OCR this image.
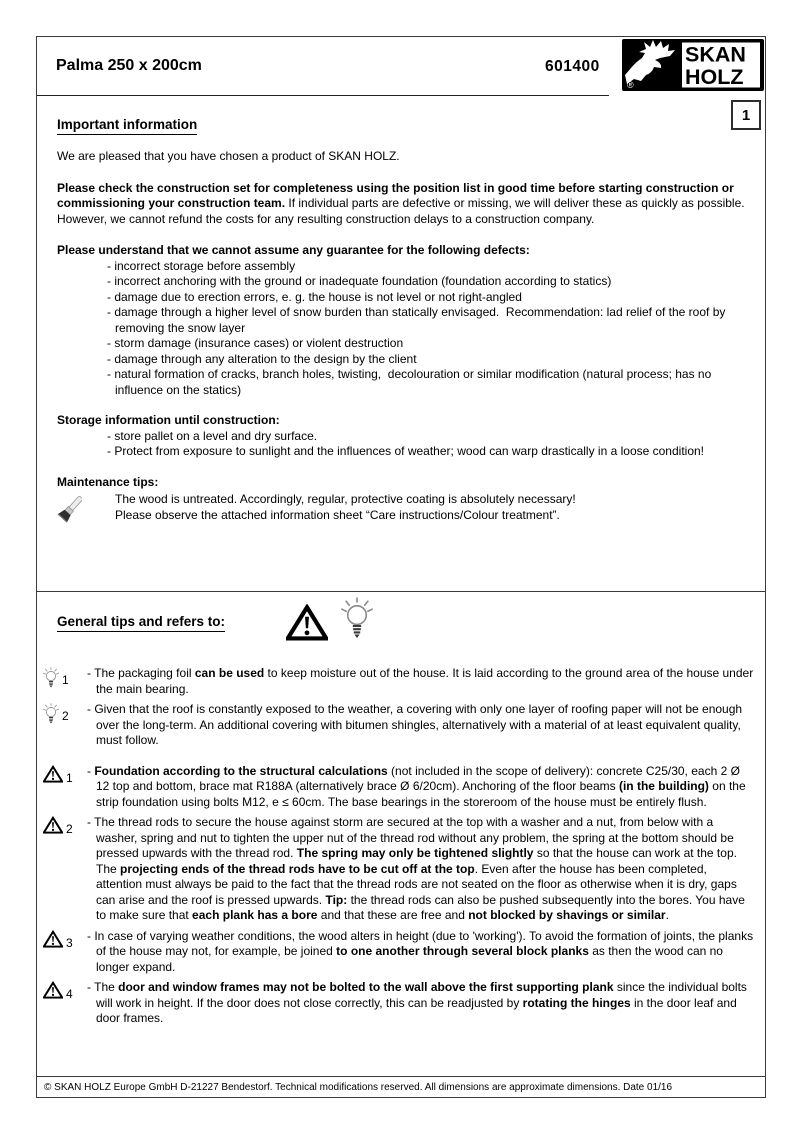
Palma 250 x 200cm	601400
®
SKAN
HOLZ
1
Important information
We are pleased that you have chosen a product of SKAN HOLZ.
Please check the construction set for completeness using the position list in good time before starting construction or commissioning your construction team. If individual parts are defective or missing, we will deliver these as quickly as possible. However, we cannot refund the costs for any resulting construction delays to a construction company.
Please understand that we cannot assume any guarantee for the following defects:
- incorrect storage before assembly
- incorrect anchoring with the ground or inadequate foundation (foundation according to statics)
- damage due to erection errors, e. g. the house is not level or not right-angled
- damage through a higher level of snow burden than statically envisaged.  Recommendation: lad relief of the roof by removing the snow layer
- storm damage (insurance cases) or violent destruction
- damage through any alteration to the design by the client
- natural formation of cracks, branch holes, twisting,  decolouration or similar modification (natural process; has no influence on the statics)
Storage information until construction:
- store pallet on a level and dry surface.
- Protect from exposure to sunlight and the influences of weather; wood can warp drastically in a loose condition!
Maintenance tips:
The wood is untreated. Accordingly, regular, protective coating is absolutely necessary!
Please observe the attached information sheet “Care instructions/Colour treatment”.
General tips and refers to:
1 - The packaging foil can be used to keep moisture out of the house. It is laid according to the ground area of the house under the main bearing.
2 - Given that the roof is constantly exposed to the weather, a covering with only one layer of roofing paper will not be enough over the long-term. An additional covering with bitumen shingles, alternatively with a material of at least equivalent quality, must follow.
1 - Foundation according to the structural calculations (not included in the scope of delivery): concrete C25/30, each 2 Ø 12 top and bottom, brace mat R188A (alternatively brace Ø 6/20cm). Anchoring of the floor beams (in the building) on the strip foundation using bolts M12, e ≤ 60cm. The base bearings in the storeroom of the house must be entirely flush.
2 - The thread rods to secure the house against storm are secured at the top with a washer and a nut, from below with a washer, spring and nut to tighten the upper nut of the thread rod without any problem, the spring at the bottom should be pressed upwards with the thread rod. The spring may only be tightened slightly so that the house can work at the top. The projecting ends of the thread rods have to be cut off at the top. Even after the house has been completed, attention must always be paid to the fact that the thread rods are not seated on the floor as otherwise when it is dry, gaps can arise and the roof is pressed upwards. Tip: the thread rods can also be pushed subsequently into the bores. You have to make sure that each plank has a bore and that these are free and not blocked by shavings or similar.
3 - In case of varying weather conditions, the wood alters in height (due to 'working'). To avoid the formation of joints, the planks of the house may not, for example, be joined to one another through several block planks as then the wood can no longer expand.
4 - The door and window frames may not be bolted to the wall above the first supporting plank since the individual bolts will work in height. If the door does not close correctly, this can be readjusted by rotating the hinges in the door leaf and door frames.
© SKAN HOLZ Europe GmbH D-21227 Bendestorf. Technical modifications reserved. All dimensions are approximate dimensions. Date 01/16
